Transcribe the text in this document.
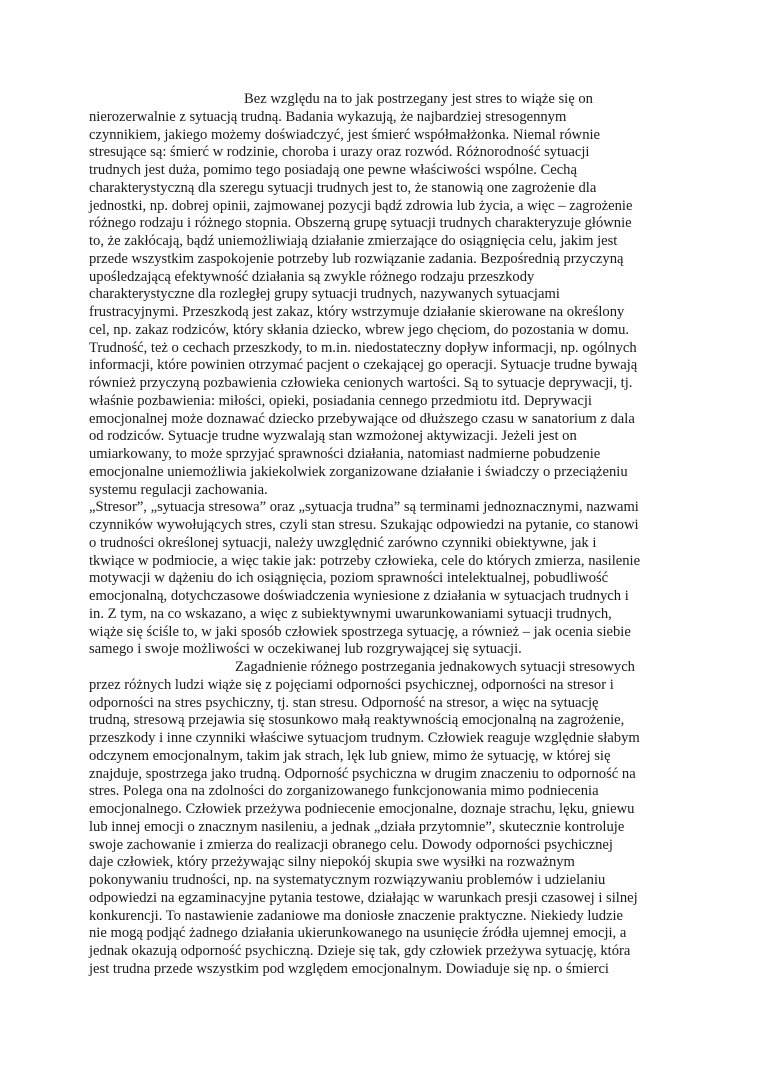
Bez względu na to jak postrzegany jest stres to wiąże się on
nierozerwalnie z sytuacją trudną. Badania wykazują, że najbardziej stresogennym
czynnikiem, jakiego możemy doświadczyć, jest śmierć współmałżonka. Niemal równie
stresujące są: śmierć w rodzinie, choroba i urazy oraz rozwód. Różnorodność sytuacji
trudnych jest duża, pomimo tego posiadają one pewne właściwości wspólne. Cechą
charakterystyczną dla szeregu sytuacji trudnych jest to, że stanowią one zagrożenie dla
jednostki, np. dobrej opinii, zajmowanej pozycji bądź zdrowia lub życia, a więc – zagrożenie
różnego rodzaju i różnego stopnia. Obszerną grupę sytuacji trudnych charakteryzuje głównie
to, że zakłócają, bądź uniemożliwiają działanie zmierzające do osiągnięcia celu, jakim jest
przede wszystkim zaspokojenie potrzeby lub rozwiązanie zadania. Bezpośrednią przyczyną
upośledzającą efektywność działania są zwykle różnego rodzaju przeszkody
charakterystyczne dla rozległej grupy sytuacji trudnych, nazywanych sytuacjami
frustracyjnymi. Przeszkodą jest zakaz, który wstrzymuje działanie skierowane na określony
cel, np. zakaz rodziców, który skłania dziecko, wbrew jego chęciom, do pozostania w domu.
Trudność, też o cechach przeszkody, to m.in. niedostateczny dopływ informacji, np. ogólnych
informacji, które powinien otrzymać pacjent o czekającej go operacji. Sytuacje trudne bywają
również przyczyną pozbawienia człowieka cenionych wartości. Są to sytuacje deprywacji, tj.
właśnie pozbawienia: miłości, opieki, posiadania cennego przedmiotu itd. Deprywacji
emocjonalnej może doznawać dziecko przebywające od dłuższego czasu w sanatorium z dala
od rodziców. Sytuacje trudne wyzwalają stan wzmożonej aktywizacji. Jeżeli jest on
umiarkowany, to może sprzyjać sprawności działania, natomiast nadmierne pobudzenie
emocjonalne uniemożliwia jakiekolwiek zorganizowane działanie i świadczy o przeciążeniu
systemu regulacji zachowania.
„Stresor”, „sytuacja stresowa” oraz „sytuacja trudna” są terminami jednoznacznymi, nazwami
czynników wywołujących stres, czyli stan stresu. Szukając odpowiedzi na pytanie, co stanowi
o trudności określonej sytuacji, należy uwzględnić zarówno czynniki obiektywne, jak i
tkwiące w podmiocie, a więc takie jak: potrzeby człowieka, cele do których zmierza, nasilenie
motywacji w dążeniu do ich osiągnięcia, poziom sprawności intelektualnej, pobudliwość
emocjonalną, dotychczasowe doświadczenia wyniesione z działania w sytuacjach trudnych i
in. Z tym, na co wskazano, a więc z subiektywnymi uwarunkowaniami sytuacji trudnych,
wiąże się ściśle to, w jaki sposób człowiek spostrzega sytuację, a również – jak ocenia siebie
samego i swoje możliwości w oczekiwanej lub rozgrywającej się sytuacji.
Zagadnienie różnego postrzegania jednakowych sytuacji stresowych
przez różnych ludzi wiąże się z pojęciami odporności psychicznej, odporności na stresor i
odporności na stres psychiczny, tj. stan stresu. Odporność na stresor, a więc na sytuację
trudną, stresową przejawia się stosunkowo małą reaktywnością emocjonalną na zagrożenie,
przeszkody i inne czynniki właściwe sytuacjom trudnym. Człowiek reaguje względnie słabym
odczynem emocjonalnym, takim jak strach, lęk lub gniew, mimo że sytuację, w której się
znajduje, spostrzega jako trudną. Odporność psychiczna w drugim znaczeniu to odporność na
stres. Polega ona na zdolności do zorganizowanego funkcjonowania mimo podniecenia
emocjonalnego. Człowiek przeżywa podniecenie emocjonalne, doznaje strachu, lęku, gniewu
lub innej emocji o znacznym nasileniu, a jednak „działa przytomnie”, skutecznie kontroluje
swoje zachowanie i zmierza do realizacji obranego celu. Dowody odporności psychicznej
daje człowiek, który przeżywając silny niepokój skupia swe wysiłki na rozważnym
pokonywaniu trudności, np. na systematycznym rozwiązywaniu problemów i udzielaniu
odpowiedzi na egzaminacyjne pytania testowe, działając w warunkach presji czasowej i silnej
konkurencji. To nastawienie zadaniowe ma doniosłe znaczenie praktyczne. Niekiedy ludzie
nie mogą podjąć żadnego działania ukierunkowanego na usunięcie źródła ujemnej emocji, a
jednak okazują odporność psychiczną. Dzieje się tak, gdy człowiek przeżywa sytuację, która
jest trudna przede wszystkim pod względem emocjonalnym. Dowiaduje się np. o śmierci
